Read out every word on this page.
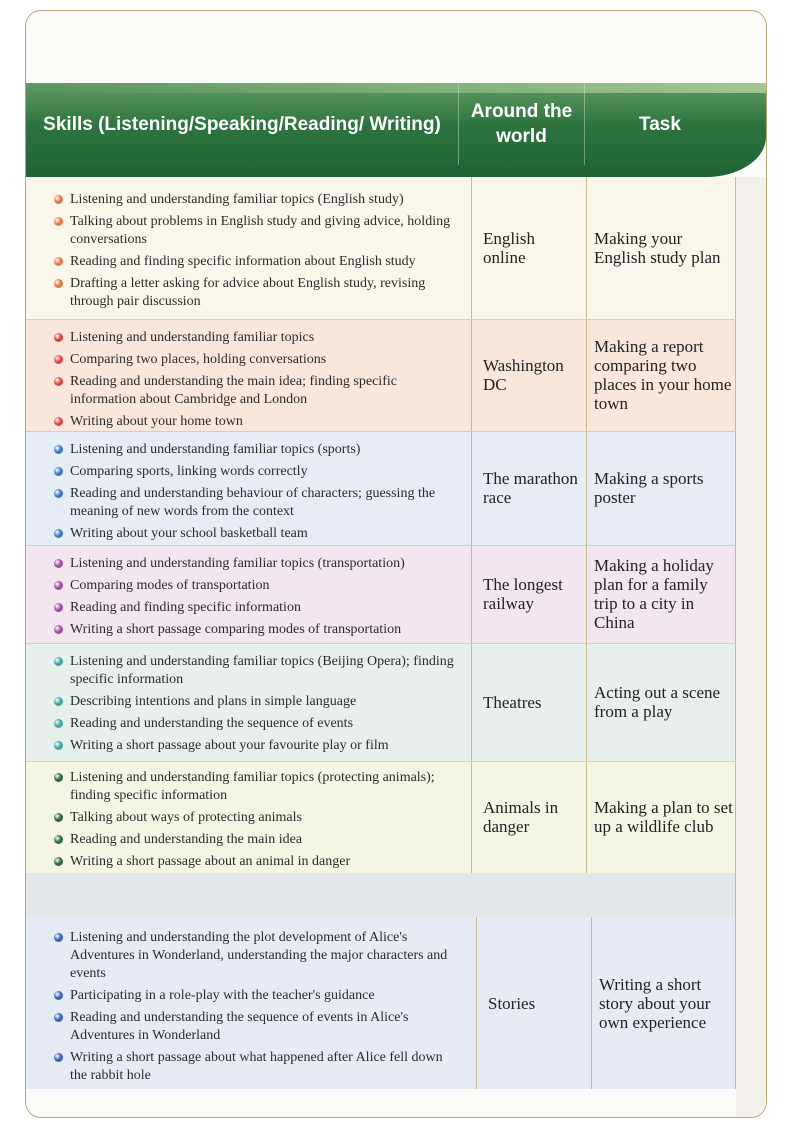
Skills (Listening/Speaking/Reading/ Writing)
Around the world
Task
Listening and understanding familiar topics (English study)
Talking about problems in English study and giving advice, holding conversations
Reading and finding specific information about English study
Drafting a letter asking for advice about English study, revising through pair discussion
English online
Making your English study plan
Listening and understanding familiar topics
Comparing two places, holding conversations
Reading and understanding the main idea; finding specific information about Cambridge and London
Writing about your home town
Washington DC
Making a report comparing two places in your home town
Listening and understanding familiar topics (sports)
Comparing sports, linking words correctly
Reading and understanding behaviour of characters; guessing the meaning of new words from the context
Writing about your school basketball team
The marathon race
Making a sports poster
Listening and understanding familiar topics (transportation)
Comparing modes of transportation
Reading and finding specific information
Writing a short passage comparing modes of transportation
The longest railway
Making a holiday plan for a family trip to a city in China
Listening and understanding familiar topics (Beijing Opera); finding specific information
Describing intentions and plans in simple language
Reading and understanding the sequence of events
Writing a short passage about your favourite play or film
Theatres	Acting out a scene from a play
Listening and understanding familiar topics (protecting animals); finding specific information
Talking about ways of protecting animals
Reading and understanding the main idea
Writing a short passage about an animal in danger
Animals in danger
Making a plan to set up a wildlife club
Listening and understanding the plot development of Alice's Adventures in Wonderland, understanding the major characters and events
Participating in a role-play with the teacher's guidance
Reading and understanding the sequence of events in Alice's Adventures in Wonderland
Writing a short passage about what happened after Alice fell down the rabbit hole
Stories
Writing a short story about your own experience
